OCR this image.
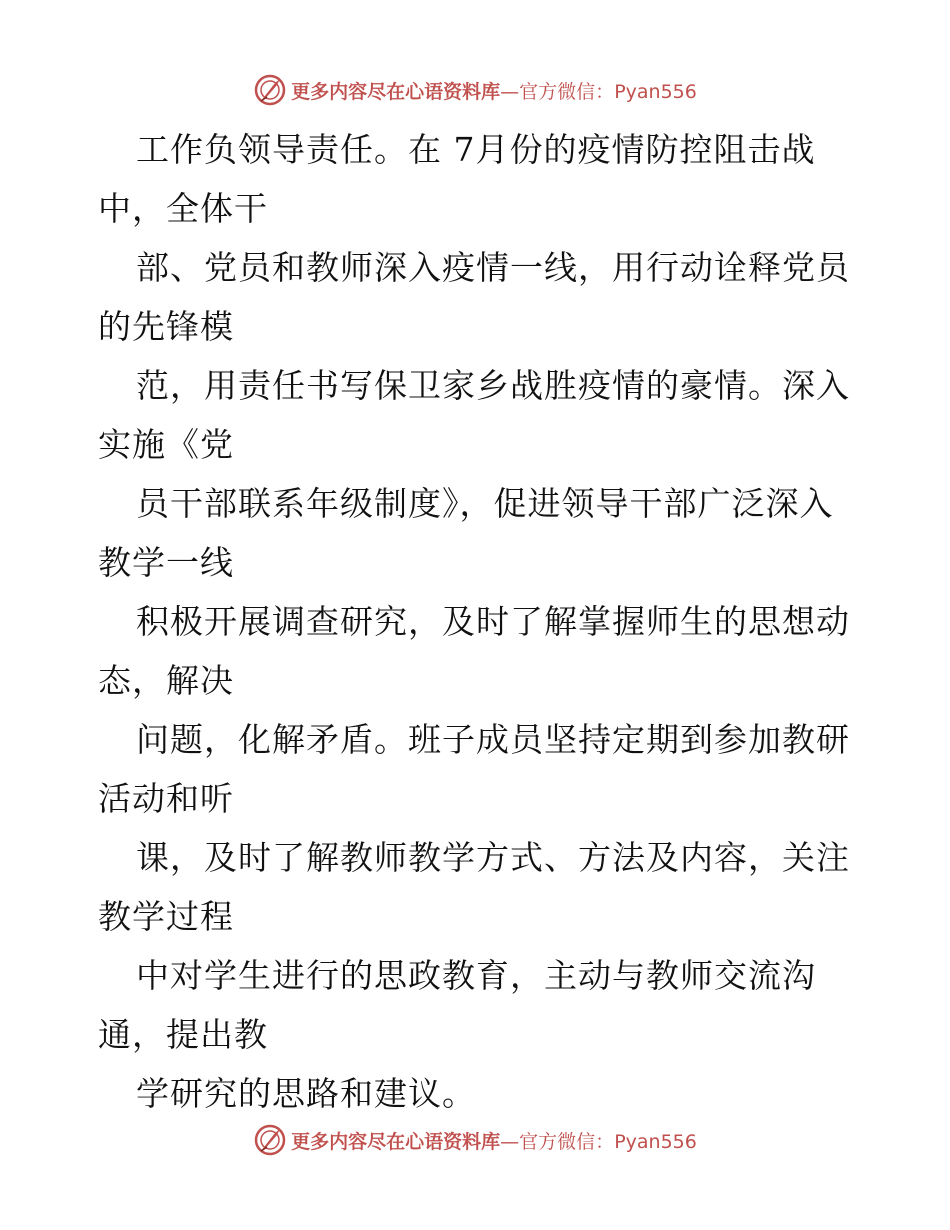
更多内容尽在心语资料库—官方微信：Pyan556
工作负领导责任。在 7月份的疫情防控阻击战
中，全体干
部、党员和教师深入疫情一线，用行动诠释党员
的先锋模
范，用责任书写保卫家乡战胜疫情的豪情。深入
实施《党
员干部联系年级制度》，促进领导干部广泛深入
教学一线
积极开展调查研究，及时了解掌握师生的思想动
态，解决
问题，化解矛盾。班子成员坚持定期到参加教研
活动和听
课，及时了解教师教学方式、方法及内容，关注
教学过程
中对学生进行的思政教育，主动与教师交流沟
通，提出教
学研究的思路和建议。
更多内容尽在心语资料库—官方微信：Pyan556
